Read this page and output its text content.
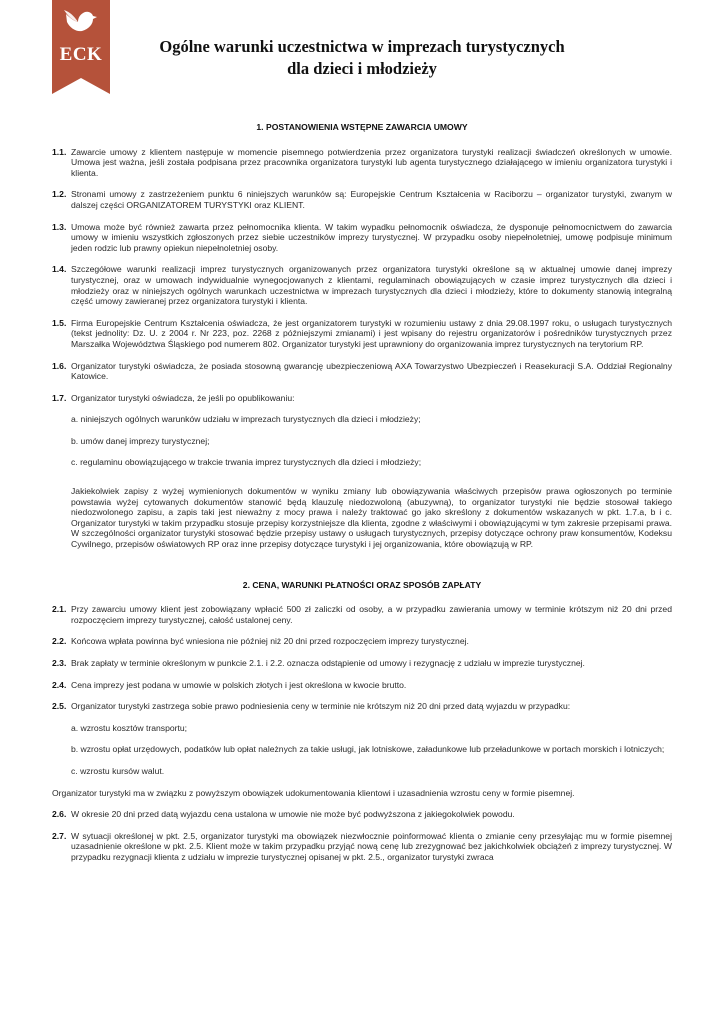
ECK	Ogólne warunki uczestnictwa w imprezach turystycznych
dla dzieci i młodzieży
1. POSTANOWIENIA WSTĘPNE ZAWARCIA UMOWY
1.1. Zawarcie umowy z klientem następuje w momencie pisemnego potwierdzenia przez organizatora turystyki realizacji świadczeń określonych w umowie. Umowa jest ważna, jeśli została podpisana przez pracownika organizatora turystyki lub agenta turystycznego działającego w imieniu organizatora turystyki i klienta.
1.2. Stronami umowy z zastrzeżeniem punktu 6 niniejszych warunków są: Europejskie Centrum Kształcenia w Raciborzu – organizator turystyki, zwanym w dalszej części ORGANIZATOREM TURYSTYKI oraz KLIENT.
1.3. Umowa może być również zawarta przez pełnomocnika klienta. W takim wypadku pełnomocnik oświadcza, że dysponuje pełnomocnictwem do zawarcia umowy w imieniu wszystkich zgłoszonych przez siebie uczestników imprezy turystycznej. W przypadku osoby niepełnoletniej, umowę podpisuje minimum jeden rodzic lub prawny opiekun niepełnoletniej osoby.
1.4. Szczegółowe warunki realizacji imprez turystycznych organizowanych przez organizatora turystyki określone są w aktualnej umowie danej imprezy turystycznej, oraz w umowach indywidualnie wynegocjowanych z klientami, regulaminach obowiązujących w czasie imprez turystycznych dla dzieci i młodzieży oraz w niniejszych ogólnych warunkach uczestnictwa w imprezach turystycznych dla dzieci i młodzieży, które to dokumenty stanowią integralną część umowy zawieranej przez organizatora turystyki i klienta.
1.5. Firma Europejskie Centrum Kształcenia oświadcza, że jest organizatorem turystyki w rozumieniu ustawy z dnia 29.08.1997 roku, o usługach turystycznych (tekst jednolity: Dz. U. z 2004 r. Nr 223, poz. 2268 z późniejszymi zmianami) i jest wpisany do rejestru organizatorów i pośredników turystycznych przez Marszałka Województwa Śląskiego pod numerem 802. Organizator turystyki jest uprawniony do organizowania imprez turystycznych na terytorium RP.
1.6. Organizator turystyki oświadcza, że posiada stosowną gwarancję ubezpieczeniową AXA Towarzystwo Ubezpieczeń i Reasekuracji S.A. Oddział Regionalny Katowice.
1.7. Organizator turystyki oświadcza, że jeśli po opublikowaniu:
a. niniejszych ogólnych warunków udziału w imprezach turystycznych dla dzieci i młodzieży;
b. umów danej imprezy turystycznej;
c. regulaminu obowiązującego w trakcie trwania imprez turystycznych dla dzieci i młodzieży;
Jakiekolwiek zapisy z wyżej wymienionych dokumentów w wyniku zmiany lub obowiązywania właściwych przepisów prawa ogłoszonych po terminie powstawia wyżej cytowanych dokumentów stanowić będą klauzulę niedozwoloną (abuzywną), to organizator turystyki nie będzie stosował takiego niedozwolonego zapisu, a zapis taki jest nieważny z mocy prawa i należy traktować go jako skreślony z dokumentów wskazanych w pkt. 1.7.a, b i c. Organizator turystyki w takim przypadku stosuje przepisy korzystniejsze dla klienta, zgodne z właściwymi i obowiązującymi w tym zakresie przepisami prawa. W szczególności organizator turystyki stosować będzie przepisy ustawy o usługach turystycznych, przepisy dotyczące ochrony praw konsumentów, Kodeksu Cywilnego, przepisów oświatowych RP oraz inne przepisy dotyczące turystyki i jej organizowania, które obowiązują w RP.
2. CENA, WARUNKI PŁATNOŚCI ORAZ SPOSÓB ZAPŁATY
2.1. Przy zawarciu umowy klient jest zobowiązany wpłacić 500 zł zaliczki od osoby, a w przypadku zawierania umowy w terminie krótszym niż 20 dni przed rozpoczęciem imprezy turystycznej, całość ustalonej ceny.
2.2. Końcowa wpłata powinna być wniesiona nie później niż 20 dni przed rozpoczęciem imprezy turystycznej.
2.3. Brak zapłaty w terminie określonym w punkcie 2.1. i 2.2. oznacza odstąpienie od umowy i rezygnację z udziału w imprezie turystycznej.
2.4. Cena imprezy jest podana w umowie w polskich złotych i jest określona w kwocie brutto.
2.5. Organizator turystyki zastrzega sobie prawo podniesienia ceny w terminie nie krótszym niż 20 dni przed datą wyjazdu w przypadku:
a. wzrostu kosztów transportu;
b. wzrostu opłat urzędowych, podatków lub opłat należnych za takie usługi, jak lotniskowe, załadunkowe lub przeładunkowe w portach morskich i lotniczych;
c. wzrostu kursów walut.
Organizator turystyki ma w związku z powyższym obowiązek udokumentowania klientowi i uzasadnienia wzrostu ceny w formie pisemnej.
2.6. W okresie 20 dni przed datą wyjazdu cena ustalona w umowie nie może być podwyższona z jakiegokolwiek powodu.
2.7. W sytuacji określonej w pkt. 2.5, organizator turystyki ma obowiązek niezwłocznie poinformować klienta o zmianie ceny przesyłając mu w formie pisemnej uzasadnienie określone w pkt. 2.5. Klient może w takim przypadku przyjąć nową cenę lub zrezygnować bez jakichkolwiek obciążeń z imprezy turystycznej. W przypadku rezygnacji klienta z udziału w imprezie turystycznej opisanej w pkt. 2.5., organizator turystyki zwraca
